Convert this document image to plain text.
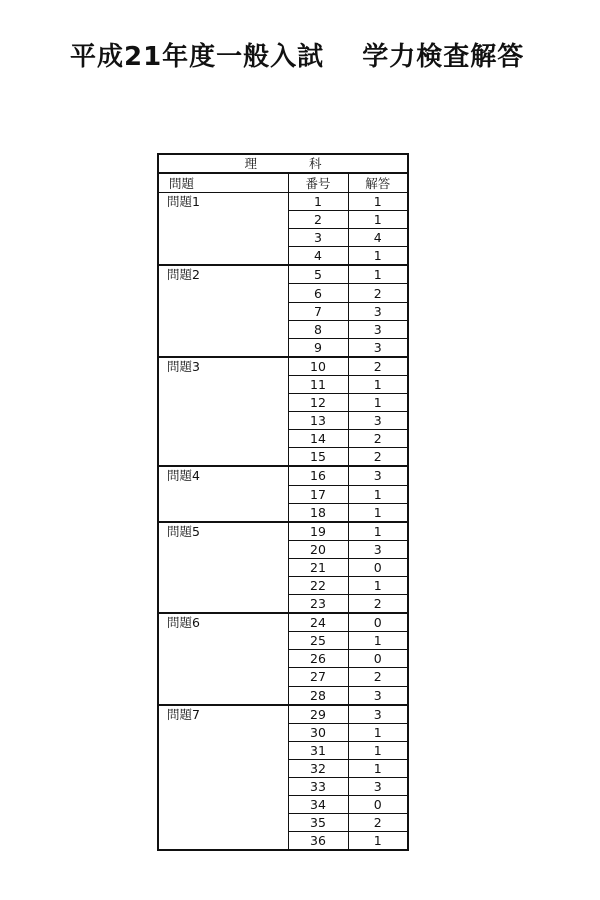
平成21年度一般入試 学力検査解答
理科		
問題	番号	解答
問題1	1	1
	2	1
	3	4
	4	1
問題2	5	1
	6	2
	7	3
	8	3
	9	3
問題3	10	2
	11	1
	12	1
	13	3
	14	2
	15	2
問題4	16	3
	17	1
	18	1
問題5	19	1
	20	3
	21	0
	22	1
	23	2
問題6	24	0
	25	1
	26	0
	27	2
	28	3
問題7	29	3
	30	1
	31	1
	32	1
	33	3
	34	0
	35	2
	36	1
